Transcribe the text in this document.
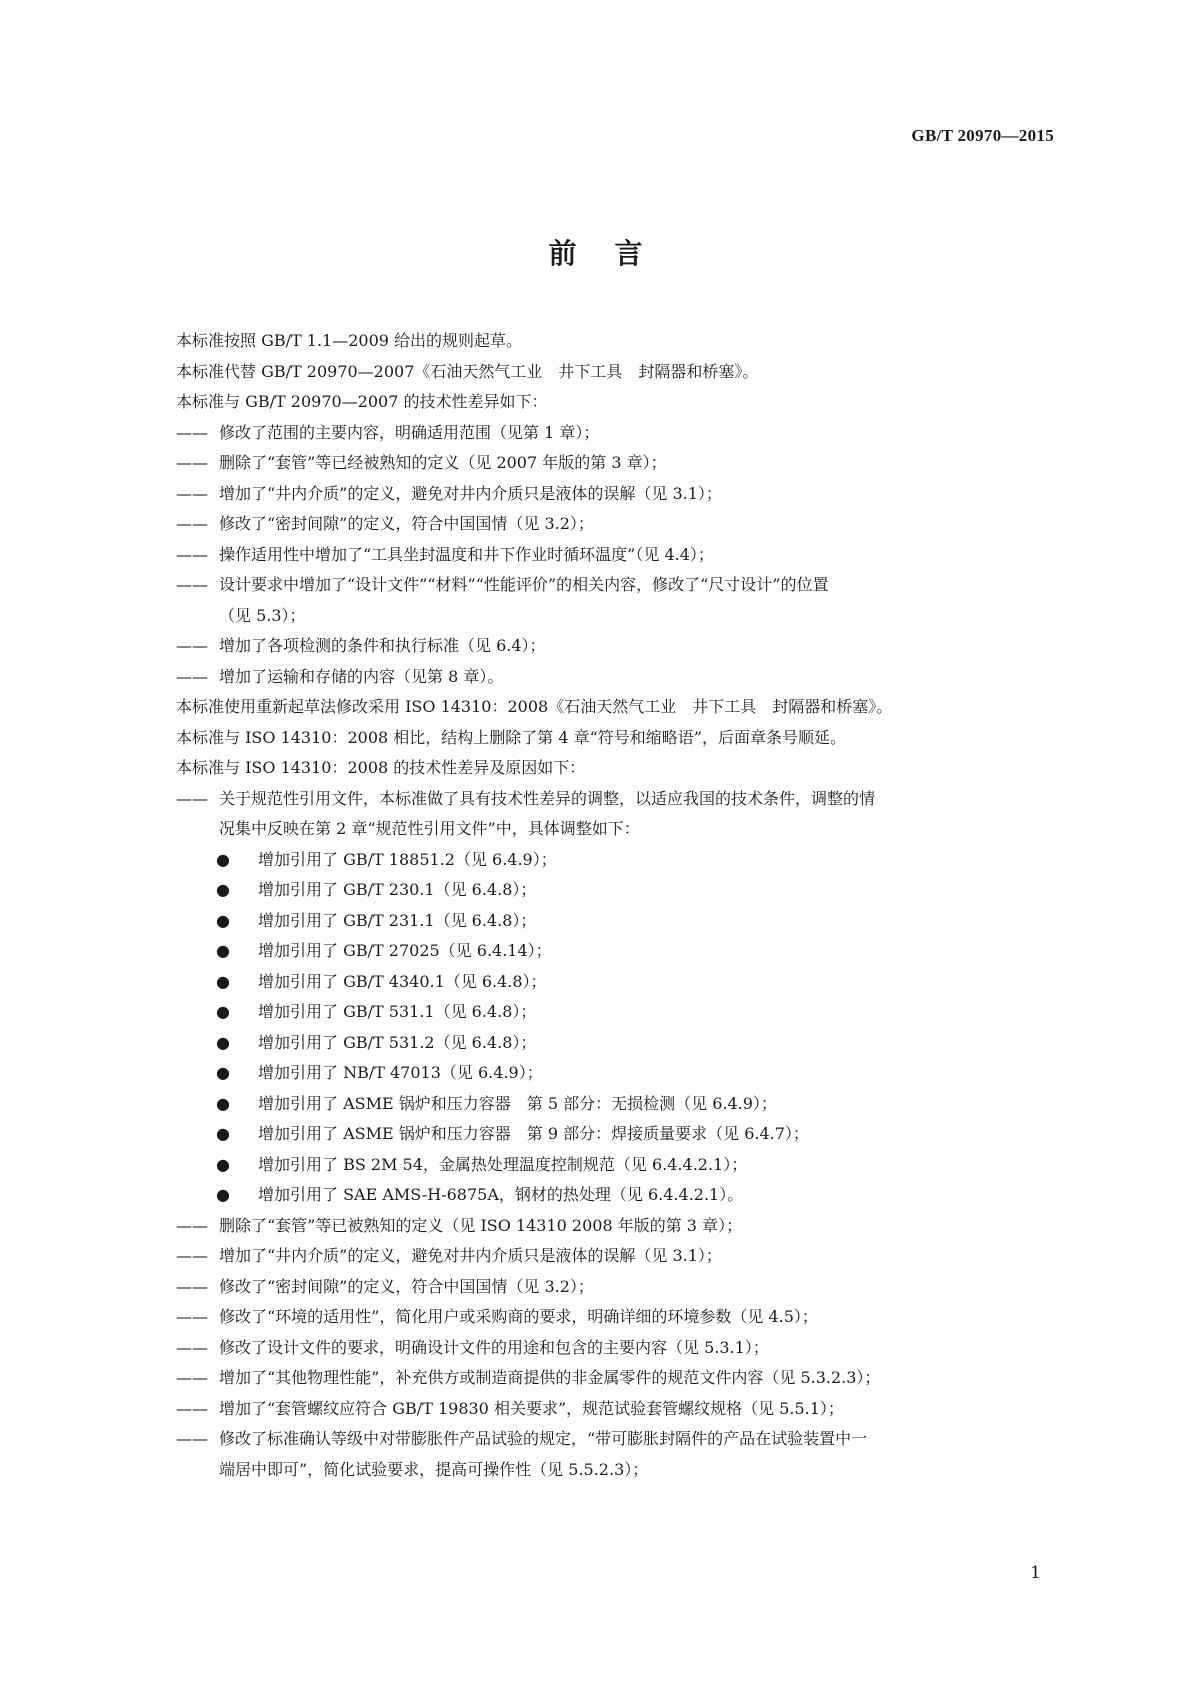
GB/T 20970—2015
前言
本标准按照 GB/T 1.1—2009 给出的规则起草。
本标准代替 GB/T 20970—2007《石油天然气工业　井下工具　封隔器和桥塞》。
本标准与 GB/T 20970—2007 的技术性差异如下：
—— 修改了范围的主要内容，明确适用范围（见第 1 章）；
—— 删除了“套管”等已经被熟知的定义（见 2007 年版的第 3 章）；
—— 增加了“井内介质”的定义，避免对井内介质只是液体的误解（见 3.1）；
—— 修改了“密封间隙”的定义，符合中国国情（见 3.2）；
—— 操作适用性中增加了“工具坐封温度和井下作业时循环温度”（见 4.4）；
—— 设计要求中增加了“设计文件”“材料”“性能评价”的相关内容，修改了“尺寸设计”的位置
（见 5.3）；
—— 增加了各项检测的条件和执行标准（见 6.4）；
—— 增加了运输和存储的内容（见第 8 章）。
本标准使用重新起草法修改采用 ISO 14310：2008《石油天然气工业　井下工具　封隔器和桥塞》。
本标准与 ISO 14310：2008 相比，结构上删除了第 4 章“符号和缩略语”，后面章条号顺延。
本标准与 ISO 14310：2008 的技术性差异及原因如下：
—— 关于规范性引用文件，本标准做了具有技术性差异的调整，以适应我国的技术条件，调整的情
况集中反映在第 2 章“规范性引用文件”中，具体调整如下：
● 增加引用了 GB/T 18851.2（见 6.4.9）；
● 增加引用了 GB/T 230.1（见 6.4.8）；
● 增加引用了 GB/T 231.1（见 6.4.8）；
● 增加引用了 GB/T 27025（见 6.4.14）；
● 增加引用了 GB/T 4340.1（见 6.4.8）；
● 增加引用了 GB/T 531.1（见 6.4.8）；
● 增加引用了 GB/T 531.2（见 6.4.8）；
● 增加引用了 NB/T 47013（见 6.4.9）；
● 增加引用了 ASME 锅炉和压力容器　第 5 部分：无损检测（见 6.4.9）；
● 增加引用了 ASME 锅炉和压力容器　第 9 部分：焊接质量要求（见 6.4.7）；
● 增加引用了 BS 2M 54，金属热处理温度控制规范（见 6.4.4.2.1）；
● 增加引用了 SAE AMS-H-6875A，钢材的热处理（见 6.4.4.2.1）。
—— 删除了“套管”等已被熟知的定义（见 ISO 14310 2008 年版的第 3 章）；
—— 增加了“井内介质”的定义，避免对井内介质只是液体的误解（见 3.1）；
—— 修改了“密封间隙”的定义，符合中国国情（见 3.2）；
—— 修改了“环境的适用性”，简化用户或采购商的要求，明确详细的环境参数（见 4.5）；
—— 修改了设计文件的要求，明确设计文件的用途和包含的主要内容（见 5.3.1）；
—— 增加了“其他物理性能”，补充供方或制造商提供的非金属零件的规范文件内容（见 5.3.2.3）；
—— 增加了“套管螺纹应符合 GB/T 19830 相关要求”，规范试验套管螺纹规格（见 5.5.1）；
—— 修改了标准确认等级中对带膨胀件产品试验的规定，“带可膨胀封隔件的产品在试验装置中一
端居中即可”，简化试验要求，提高可操作性（见 5.5.2.3）；
1
